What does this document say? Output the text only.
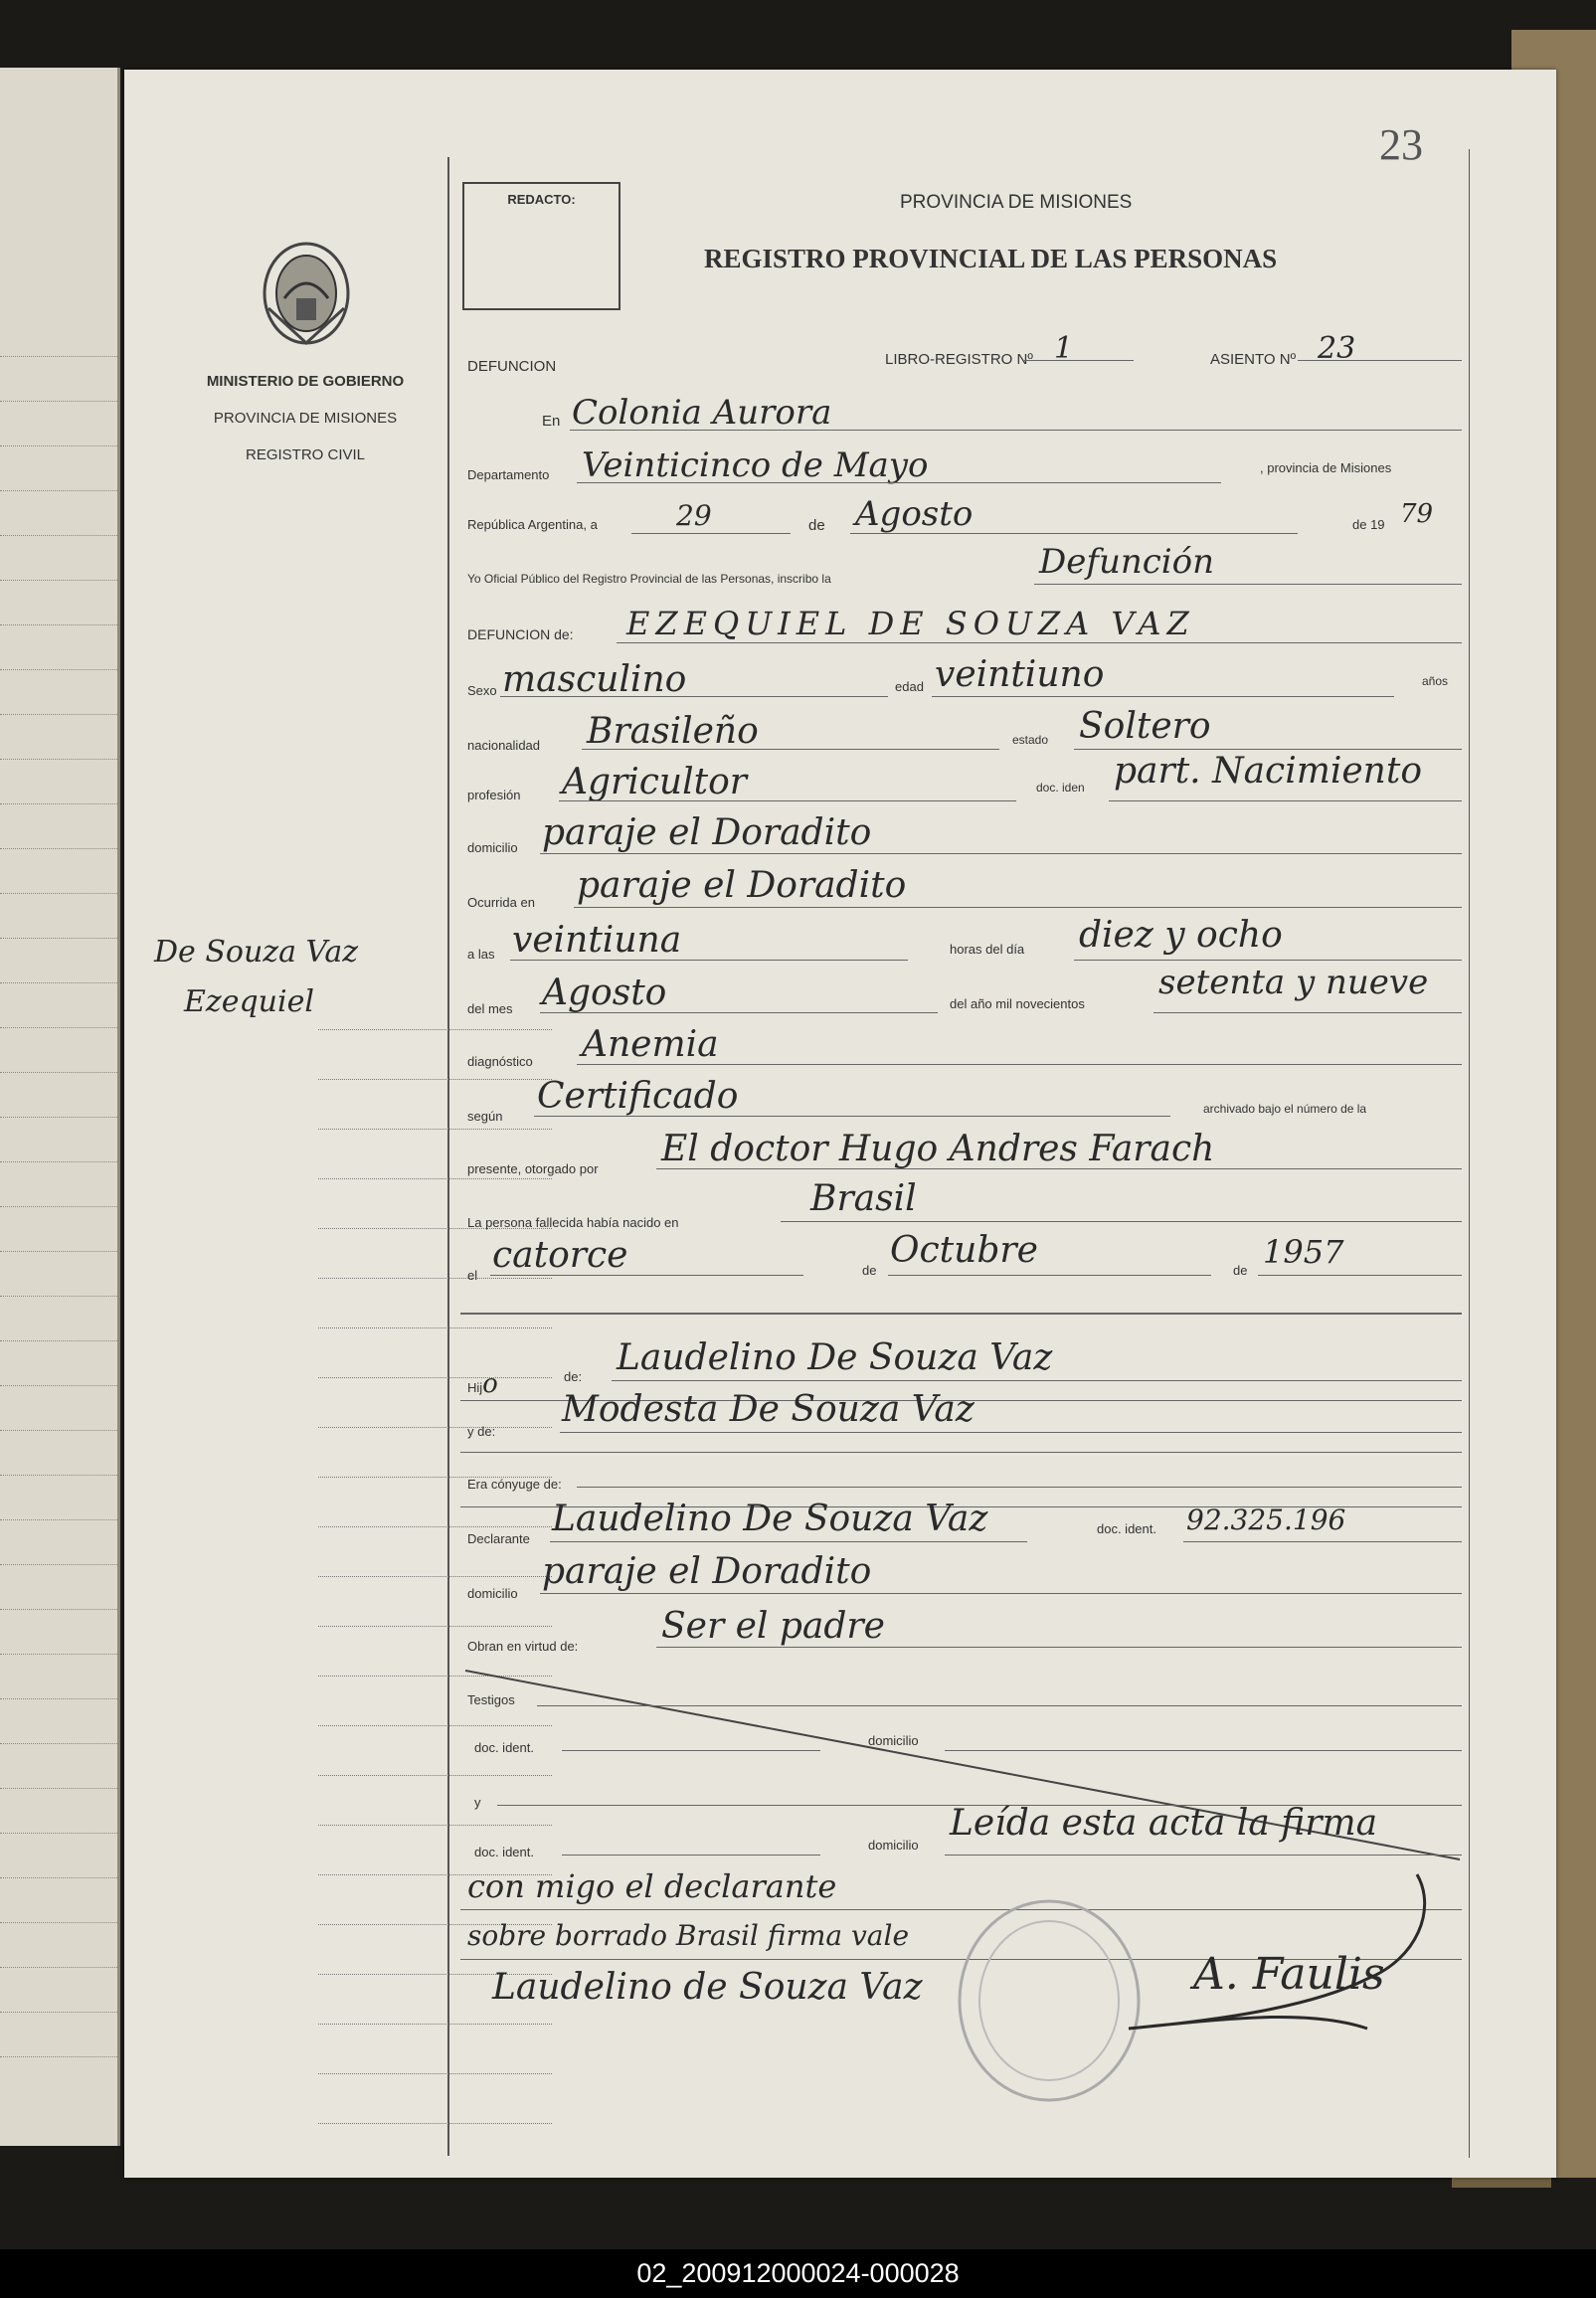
23
REDACTO:	PROVINCIA DE MISIONES
REGISTRO PROVINCIAL DE LAS PERSONAS
MINISTERIO DE GOBIERNO
PROVINCIA DE MISIONES
REGISTRO CIVIL
De Souza Vaz
Ezequiel
DEFUNCION	LIBRO-REGISTRO Nº 1	ASIENTO Nº 23
En Colonia Aurora
Departamento Veinticinco de Mayo	, provincia de Misiones
República Argentina, a	29	de Agosto	de 19 79
Yo Oficial Público del Registro Provincial de las Personas, inscribo la	Defunción
DEFUNCION de: EZEQUIEL DE SOUZA VAZ
Sexo masculino	edad veintiuno	años
nacionalidad Brasileño	estado Soltero
profesión Agricultor	doc. iden part. Nacimiento
domicilio paraje el Doradito
Ocurrida en paraje el Doradito
a las veintiuna	horas del día diez y ocho
del mes Agosto	del año mil novecientos
setenta y nueve
diagnóstico Anemia
según Certificado	archivado bajo el número de la
presente, otorgado por El doctor Hugo Andres Farach
La persona fallecida había nacido en
Brasil
el catorce	de Octubre	de 1957
Hijo	de: Laudelino De Souza Vaz
y de:
Modesta De Souza Vaz
Era cónyuge de:
Declarante Laudelino De Souza Vaz	doc. ident. 92.325.196
domicilio
paraje el Doradito
Obran en virtud de: Ser el padre
Testigos
doc. ident.	domicilio
y
doc. ident.	domicilio
Leída esta acta la firma
con migo el declarante
sobre borrado Brasil firma vale
Laudelino de Souza Vaz	A. Faulis
02_200912000024-000028
